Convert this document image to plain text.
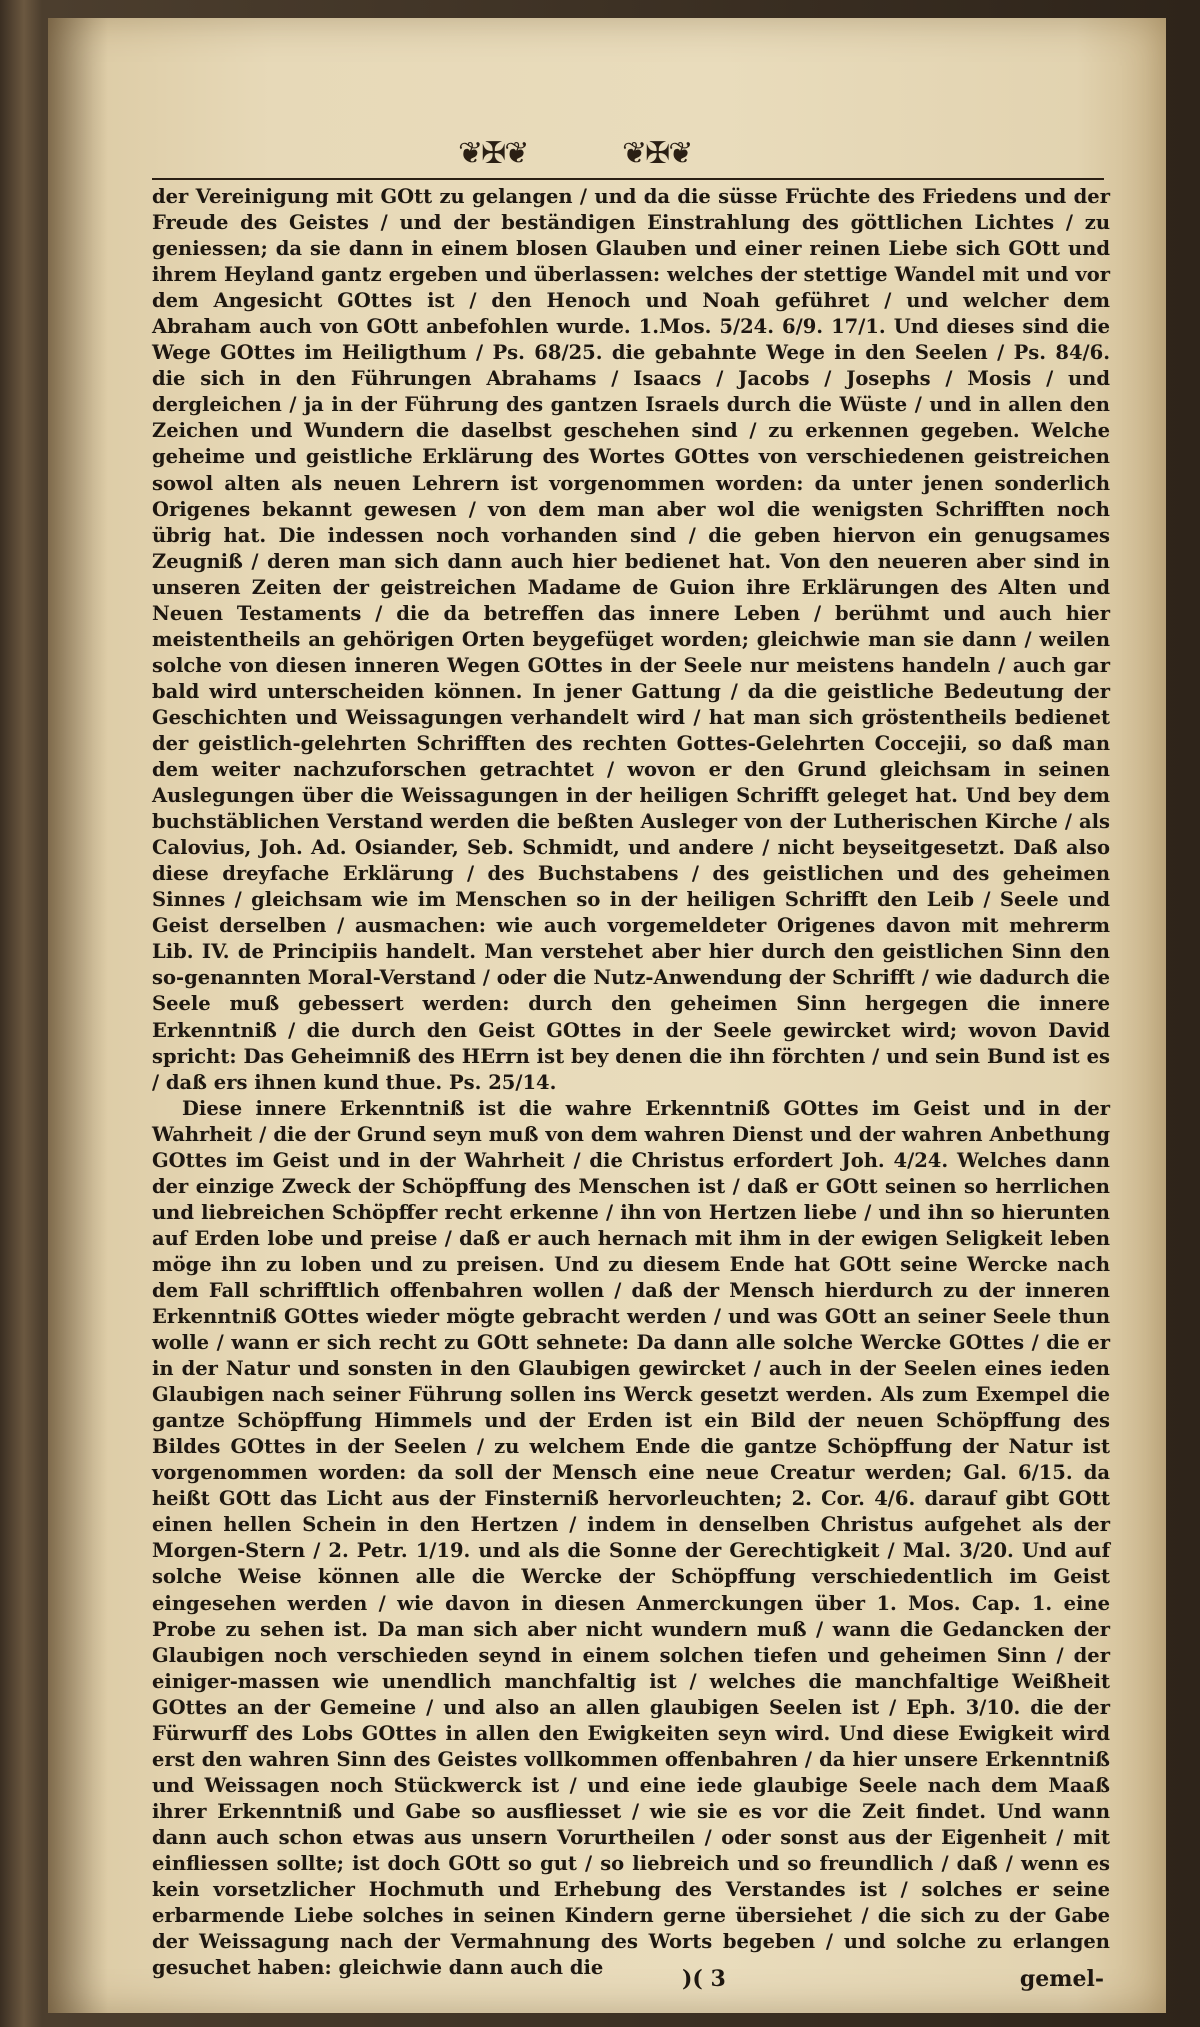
❦✠❦	❦✠❦

der Vereinigung mit GOtt zu gelangen / und da die süsse Früchte des Friedens und der Freude des Geistes / und der beständigen Einstrahlung des göttlichen Lichtes / zu geniessen; da sie dann in einem blosen Glauben und einer reinen Liebe sich GOtt und ihrem Heyland gantz ergeben und überlassen: welches der stettige Wandel mit und vor dem Angesicht GOttes ist / den Henoch und Noah geführet / und welcher dem Abraham auch von GOtt anbefohlen wurde. 1.Mos. 5/24. 6/9. 17/1. Und dieses sind die Wege GOttes im Heiligthum / Ps. 68/25. die gebahnte Wege in den Seelen / Ps. 84/6. die sich in den Führungen Abrahams / Isaacs / Jacobs / Josephs / Mosis / und dergleichen / ja in der Führung des gantzen Israels durch die Wüste / und in allen den Zeichen und Wundern die daselbst geschehen sind / zu erkennen gegeben. Welche geheime und geistliche Erklärung des Wortes GOttes von verschiedenen geistreichen sowol alten als neuen Lehrern ist vorgenommen worden: da unter jenen sonderlich Origenes bekannt gewesen / von dem man aber wol die wenigsten Schrifften noch übrig hat. Die indessen noch vorhanden sind / die geben hiervon ein genugsames Zeugniß / deren man sich dann auch hier bedienet hat. Von den neueren aber sind in unseren Zeiten der geistreichen Madame de Guion ihre Erklärungen des Alten und Neuen Testaments / die da betreffen das innere Leben / berühmt und auch hier meistentheils an gehörigen Orten beygefüget worden; gleichwie man sie dann / weilen solche von diesen inneren Wegen GOttes in der Seele nur meistens handeln / auch gar bald wird unterscheiden können. In jener Gattung / da die geistliche Bedeutung der Geschichten und Weissagungen verhandelt wird / hat man sich gröstentheils bedienet der geistlich-gelehrten Schrifften des rechten Gottes-Gelehrten Coccejii, so daß man dem weiter nachzuforschen getrachtet / wovon er den Grund gleichsam in seinen Auslegungen über die Weissagungen in der heiligen Schrifft geleget hat. Und bey dem buchstäblichen Verstand werden die beßten Ausleger von der Lutherischen Kirche / als Calovius, Joh. Ad. Osiander, Seb. Schmidt, und andere / nicht beyseitgesetzt. Daß also diese dreyfache Erklärung / des Buchstabens / des geistlichen und des geheimen Sinnes / gleichsam wie im Menschen so in der heiligen Schrifft den Leib / Seele und Geist derselben / ausmachen: wie auch vorgemeldeter Origenes davon mit mehrerm Lib. IV. de Principiis handelt. Man verstehet aber hier durch den geistlichen Sinn den so-genannten Moral-Verstand / oder die Nutz-Anwendung der Schrifft / wie dadurch die Seele muß gebessert werden: durch den geheimen Sinn hergegen die innere Erkenntniß / die durch den Geist GOttes in der Seele gewircket wird; wovon David spricht: Das Geheimniß des HErrn ist bey denen die ihn förchten / und sein Bund ist es / daß ers ihnen kund thue. Ps. 25/14.

Diese innere Erkenntniß ist die wahre Erkenntniß GOttes im Geist und in der Wahrheit / die der Grund seyn muß von dem wahren Dienst und der wahren Anbethung GOttes im Geist und in der Wahrheit / die Christus erfordert Joh. 4/24. Welches dann der einzige Zweck der Schöpffung des Menschen ist / daß er GOtt seinen so herrlichen und liebreichen Schöpffer recht erkenne / ihn von Hertzen liebe / und ihn so hierunten auf Erden lobe und preise / daß er auch hernach mit ihm in der ewigen Seligkeit leben möge ihn zu loben und zu preisen. Und zu diesem Ende hat GOtt seine Wercke nach dem Fall schrifftlich offenbahren wollen / daß der Mensch hierdurch zu der inneren Erkenntniß GOttes wieder mögte gebracht werden / und was GOtt an seiner Seele thun wolle / wann er sich recht zu GOtt sehnete: Da dann alle solche Wercke GOttes / die er in der Natur und sonsten in den Glaubigen gewircket / auch in der Seelen eines ieden Glaubigen nach seiner Führung sollen ins Werck gesetzt werden. Als zum Exempel die gantze Schöpffung Himmels und der Erden ist ein Bild der neuen Schöpffung des Bildes GOttes in der Seelen / zu welchem Ende die gantze Schöpffung der Natur ist vorgenommen worden: da soll der Mensch eine neue Creatur werden; Gal. 6/15. da heißt GOtt das Licht aus der Finsterniß hervorleuchten; 2. Cor. 4/6. darauf gibt GOtt einen hellen Schein in den Hertzen / indem in denselben Christus aufgehet als der Morgen-Stern / 2. Petr. 1/19. und als die Sonne der Gerechtigkeit / Mal. 3/20. Und auf solche Weise können alle die Wercke der Schöpffung verschiedentlich im Geist eingesehen werden / wie davon in diesen Anmerckungen über 1. Mos. Cap. 1. eine Probe zu sehen ist. Da man sich aber nicht wundern muß / wann die Gedancken der Glaubigen noch verschieden seynd in einem solchen tiefen und geheimen Sinn / der einiger-massen wie unendlich manchfaltig ist / welches die manchfaltige Weißheit GOttes an der Gemeine / und also an allen glaubigen Seelen ist / Eph. 3/10. die der Fürwurff des Lobs GOttes in allen den Ewigkeiten seyn wird. Und diese Ewigkeit wird erst den wahren Sinn des Geistes vollkommen offenbahren / da hier unsere Erkenntniß und Weissagen noch Stückwerck ist / und eine iede glaubige Seele nach dem Maaß ihrer Erkenntniß und Gabe so ausfliesset / wie sie es vor die Zeit findet. Und wann dann auch schon etwas aus unsern Vorurtheilen / oder sonst aus der Eigenheit / mit einfliessen sollte; ist doch GOtt so gut / so liebreich und so freundlich / daß / wenn es kein vorsetzlicher Hochmuth und Erhebung des Verstandes ist / solches er seine erbarmende Liebe solches in seinen Kindern gerne übersiehet / die sich zu der Gabe der Weissagung nach der Vermahnung des Worts begeben / und solche zu erlangen gesuchet haben: gleichwie dann auch die	)( 3	gemel-
